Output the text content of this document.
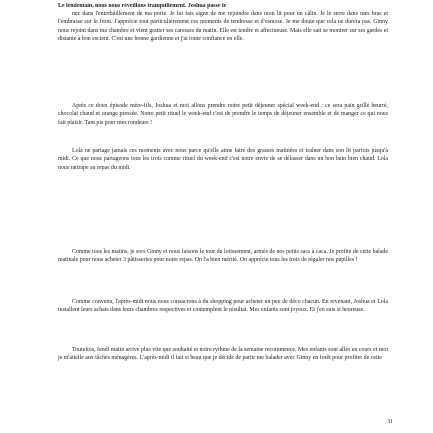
Le lendemain, nous nous réveillons tranquillement. Joshua passe le

nez dans l'entrebâillement de ma porte. Je lui fais signe de me rejoindre dans mon lit pour un câlin. Je le serre dans mes bras et l'embrasse sur le front. J'apprécie tout particulièrement ces moments de tendresse et d'osmose. Je me doute que cela ne durera pas. Ginny nous rejoint dans ma chambre et vient gratter ses caresses du matin. Elle est tendre et affectueuse. Mais elle sait se montrer sur ses gardes et distante à bon escient. C'est une bonne gardienne et j'ai toute confiance en elle.

Après ce doux épisode mère-fils, Joshua et moi allons prendre notre petit déjeuner spécial week-end : ce sera pain grillé beurré, chocolat chaud et orange pressée. Notre petit rituel le week-end c'est de prendre le temps de déjeuner ensemble et de manger ce qui nous fait plaisir. Tant pis pour mes rondeurs !

Lola ne partage jamais ces moments avec nous parce qu'elle aime faire des grasses matinées et traîner dans son lit parfois jusqu'à midi. Ce que nous partageons tous les trois comme rituel du week-end c'est notre envie de se délasser dans un bon bain bien chaud. Lola nous rattrape au repas du midi.

Comme tous les matins, je sors Ginny et nous faisons le tour du lotissement, armés de nos petits sacs à caca. Je profite de cette balade matinale pour nous acheter 3 pâtisseries pour notre repas. On l'a bien mérité. On apprécie tous les trois de régaler nos papilles !

Comme convenu, l'après-midi nous nous consacrons à du shopping pour acheter un peu de déco chacun. En revenant, Joshua et Lola installent leurs achats dans leurs chambres respectives et contemplent le résultat. Mes enfants sont joyeux. Et j'en suis si heureuse.

Toutefois, lundi matin arrive plus vite que souhaité et notre rythme de la semaine recommence. Mes enfants sont allés en cours et moi je m'attelle aux tâches ménagères. L'après-midi il fait si beau que je décide de partir me balader avec Ginny en forêt pour profiter de cette

31
